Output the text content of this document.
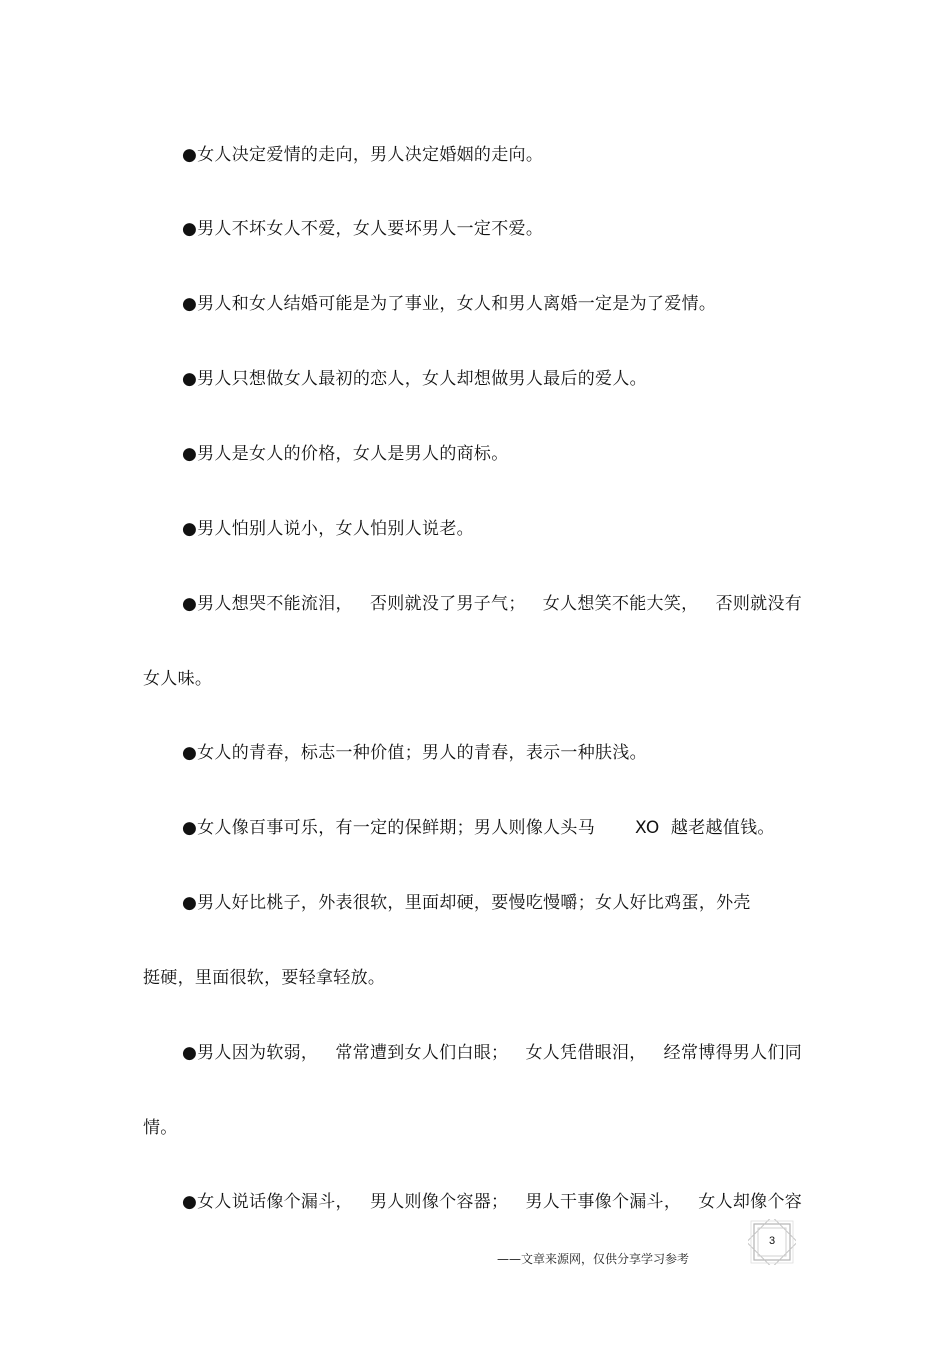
●女人决定爱情的走向，男人决定婚姻的走向。
●男人不坏女人不爱，女人要坏男人一定不爱。
●男人和女人结婚可能是为了事业，女人和男人离婚一定是为了爱情。
●男人只想做女人最初的恋人，女人却想做男人最后的爱人。
●男人是女人的价格，女人是男人的商标。
●男人怕别人说小，女人怕别人说老。
●男人想哭不能流泪，   否则就没了男子气；   女人想笑不能大笑，   否则就没有
女人味。
●女人的青春，标志一种价值；男人的青春，表示一种肤浅。
●女人像百事可乐，有一定的保鲜期；男人则像人头马       XO  越老越值钱。
●男人好比桃子，外表很软，里面却硬，要慢吃慢嚼；女人好比鸡蛋，外壳
挺硬，里面很软，要轻拿轻放。
●男人因为软弱，   常常遭到女人们白眼；   女人凭借眼泪，   经常博得男人们同
情。
●女人说话像个漏斗，   男人则像个容器；   男人干事像个漏斗，   女人却像个容
——文章来源网，仅供分享学习参考
3
